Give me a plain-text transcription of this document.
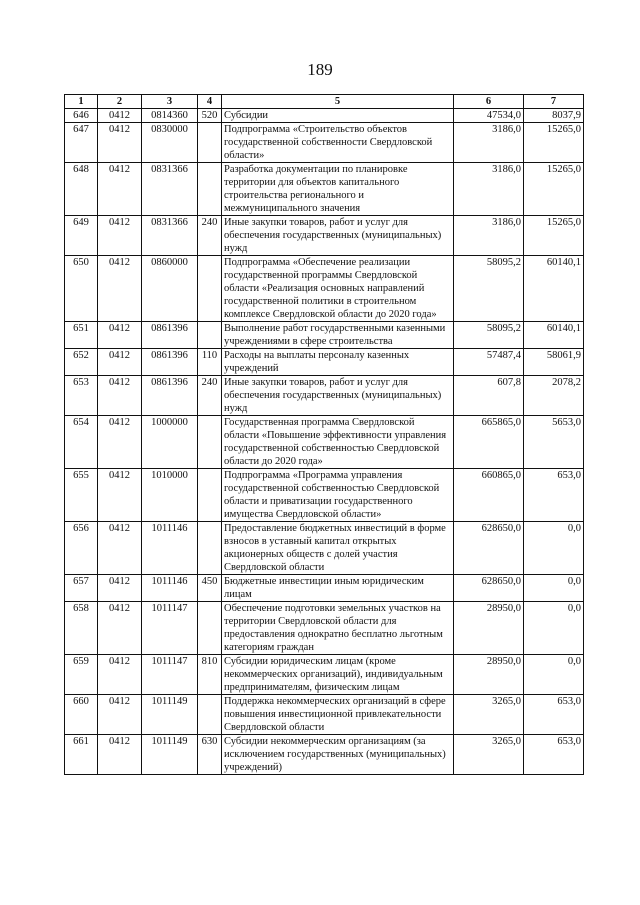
189
1	2	3	4	5	6	7
646	0412	0814360	520	Субсидии	47534,0	8037,9
647	0412	0830000		Подпрограмма «Строительство объектов государственной собственности Свердловской области»	3186,0	15265,0
648	0412	0831366		Разработка документации по планировке территории для объектов капитального строительства регионального и межмуниципального значения	3186,0	15265,0
649	0412	0831366	240	Иные закупки товаров, работ и услуг для обеспечения государственных (муниципальных) нужд	3186,0	15265,0
650	0412	0860000		Подпрограмма «Обеспечение реализации государственной программы Свердловской области «Реализация основных направлений государственной политики в строительном комплексе Свердловской области до 2020 года»	58095,2	60140,1
651	0412	0861396		Выполнение работ государственными казенными учреждениями в сфере строительства	58095,2	60140,1
652	0412	0861396	110	Расходы на выплаты персоналу казенных учреждений	57487,4	58061,9
653	0412	0861396	240	Иные закупки товаров, работ и услуг для обеспечения государственных (муниципальных) нужд	607,8	2078,2
654	0412	1000000		Государственная программа Свердловской области «Повышение эффективности управления государственной собственностью Свердловской области до 2020 года»	665865,0	5653,0
655	0412	1010000		Подпрограмма «Программа управления государственной собственностью Свердловской области и приватизации государственного имущества Свердловской области»	660865,0	653,0
656	0412	1011146		Предоставление бюджетных инвестиций в форме взносов в уставный капитал открытых акционерных обществ с долей участия Свердловской области	628650,0	0,0
657	0412	1011146	450	Бюджетные инвестиции иным юридическим лицам	628650,0	0,0
658	0412	1011147		Обеспечение подготовки земельных участков на территории Свердловской области для предоставления однократно бесплатно льготным категориям граждан	28950,0	0,0
659	0412	1011147	810	Субсидии юридическим лицам (кроме некоммерческих организаций), индивидуальным предпринимателям, физическим лицам	28950,0	0,0
660	0412	1011149		Поддержка некоммерческих организаций в сфере повышения инвестиционной привлекательности Свердловской области	3265,0	653,0
661	0412	1011149	630	Субсидии некоммерческим организациям (за исключением государственных (муниципальных) учреждений)	3265,0	653,0
